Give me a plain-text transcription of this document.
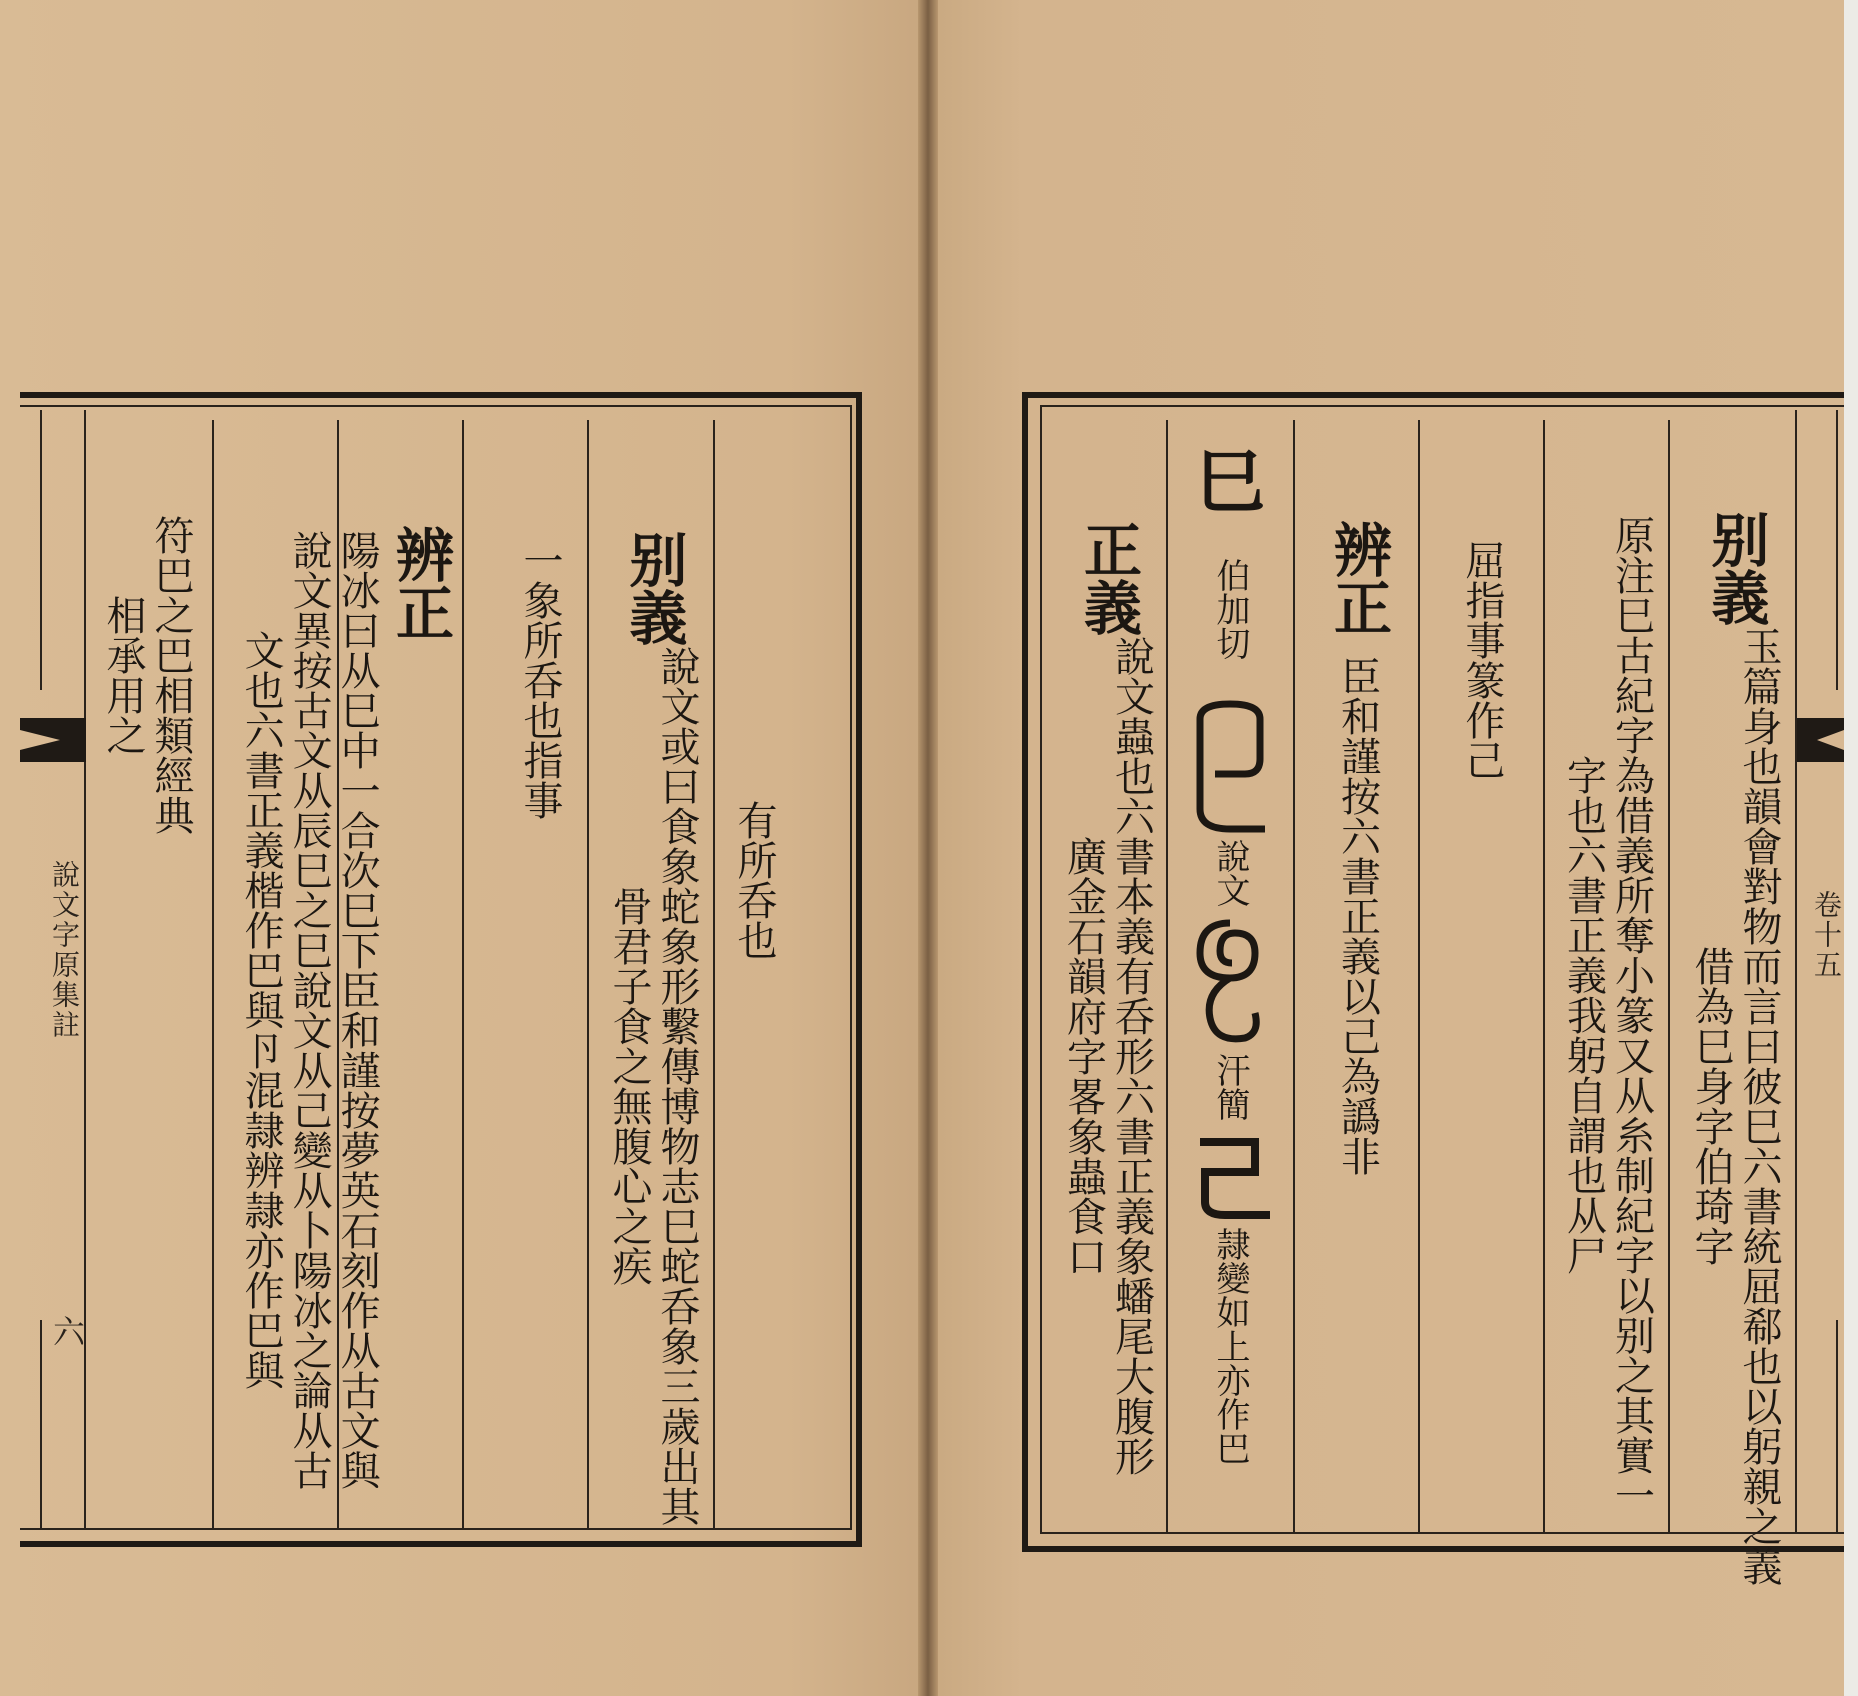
說文字原集註
六
有所呑也
别義
說文或曰食象蛇象形繫傳博物志巳蛇呑象三歲出其骨君子食之無腹心之疾
一象所呑也指事
辨正
陽冰曰从巳中一合次巳下臣和謹按夢英石刻作从古文與說文異按古文从辰巳之巳說文从己變从卜陽冰之論从古文也六書正義楷作巴與卪混隷辨隷亦作巴與
符巴之巴相類經典相承用之
卷十五
别義
玉篇身也韻會對物而言曰彼巳六書統屈郗也以躬親之義借為巳身字伯琦字
原注巳古紀字為借義所奪小篆又从糸制紀字以别之其實一字也六書正義我躬自謂也从尸
屈指事篆作己
辨正
臣和謹按六書正義以己為譌非
巳
伯加切
說文
汗簡
隷變如上
亦作巴
正義
說文蟲也六書本義有呑形六書正義象蟠尾大腹形廣金石韻府字畧象蟲食口
